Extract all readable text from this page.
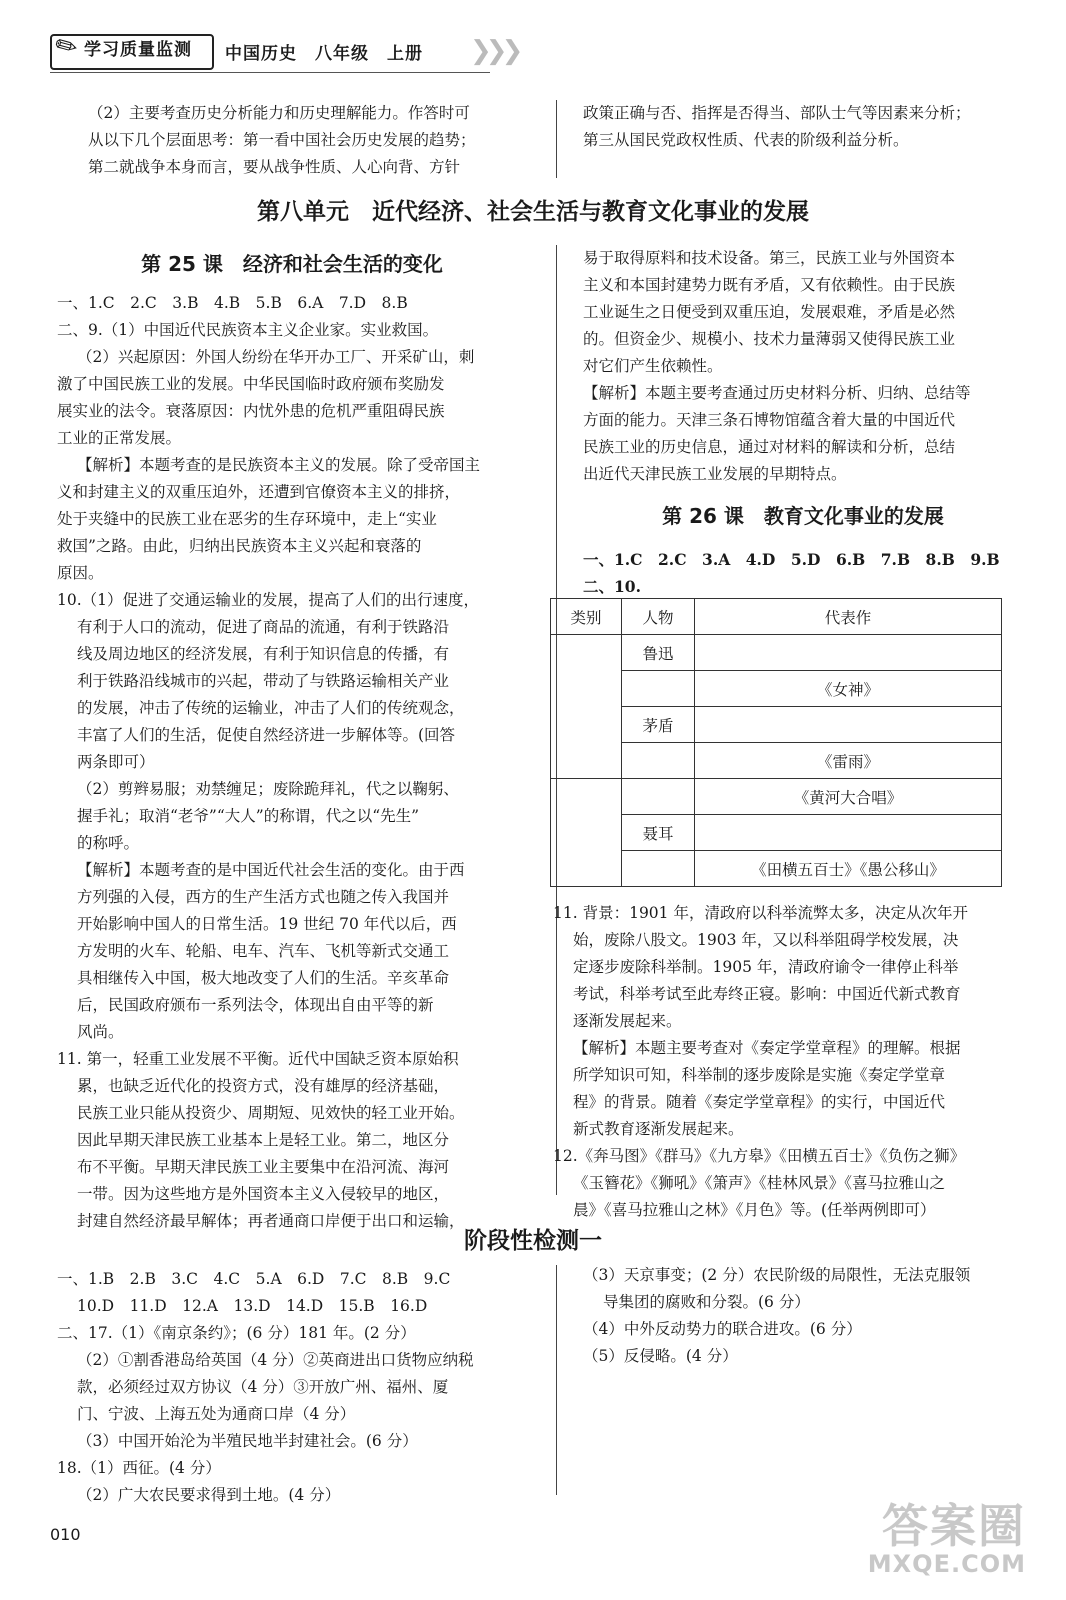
✎ 学习质量监测 中国历史　八年级　上册 ❯❯❯

（2）主要考查历史分析能力和历史理解能力。作答时可

从以下几个层面思考：第一看中国社会历史发展的趋势；

第二就战争本身而言，要从战争性质、人心向背、方针

政策正确与否、指挥是否得当、部队士气等因素来分析；

第三从国民党政权性质、代表的阶级利益分析。

第八单元　近代经济、社会生活与教育文化事业的发展
第 25 课　经济和社会生活的变化

一、1.C　2.C　3.B　4.B　5.B　6.A　7.D　8.B

二、9.（1）中国近代民族资本主义企业家。实业救国。

（2）兴起原因：外国人纷纷在华开办工厂、开采矿山，刺

激了中国民族工业的发展。中华民国临时政府颁布奖励发

展实业的法令。衰落原因：内忧外患的危机严重阻碍民族

工业的正常发展。

【解析】本题考查的是民族资本主义的发展。除了受帝国主

义和封建主义的双重压迫外，还遭到官僚资本主义的排挤，

处于夹缝中的民族工业在恶劣的生存环境中，走上“实业

救国”之路。由此，归纳出民族资本主义兴起和衰落的

原因。

10.（1）促进了交通运输业的发展，提高了人们的出行速度，

有利于人口的流动，促进了商品的流通，有利于铁路沿

线及周边地区的经济发展，有利于知识信息的传播，有

利于铁路沿线城市的兴起，带动了与铁路运输相关产业

的发展，冲击了传统的运输业，冲击了人们的传统观念，

丰富了人们的生活，促使自然经济进一步解体等。(回答

两条即可）

（2）剪辫易服；劝禁缠足；废除跪拜礼，代之以鞠躬、

握手礼；取消“老爷”“大人”的称谓，代之以“先生”

的称呼。

【解析】本题考查的是中国近代社会生活的变化。由于西

方列强的入侵，西方的生产生活方式也随之传入我国并

开始影响中国人的日常生活。19 世纪 70 年代以后，西

方发明的火车、轮船、电车、汽车、飞机等新式交通工

具相继传入中国，极大地改变了人们的生活。辛亥革命

后，民国政府颁布一系列法令，体现出自由平等的新

风尚。

11. 第一，轻重工业发展不平衡。近代中国缺乏资本原始积

累，也缺乏近代化的投资方式，没有雄厚的经济基础，

民族工业只能从投资少、周期短、见效快的轻工业开始。

因此早期天津民族工业基本上是轻工业。第二，地区分

布不平衡。早期天津民族工业主要集中在沿河流、海河

一带。因为这些地方是外国资本主义入侵较早的地区，

封建自然经济最早解体；再者通商口岸便于出口和运输，

易于取得原料和技术设备。第三，民族工业与外国资本

主义和本国封建势力既有矛盾，又有依赖性。由于民族

工业诞生之日便受到双重压迫，发展艰难，矛盾是必然

的。但资金少、规模小、技术力量薄弱又使得民族工业

对它们产生依赖性。

【解析】本题主要考查通过历史材料分析、归纳、总结等

方面的能力。天津三条石博物馆蕴含着大量的中国近代

民族工业的历史信息，通过对材料的解读和分析，总结

出近代天津民族工业发展的早期特点。

第 26 课　教育文化事业的发展

一、1.C　2.C　3.A　4.D　5.D　6.B　7.B　8.B　9.B

二、10.

类别	人物	代表作
	鲁迅	
		《女神》
	茅盾	
		《雷雨》
		《黄河大合唱》
	聂耳	
		《田横五百士》《愚公移山》

11. 背景：1901 年，清政府以科举流弊太多，决定从次年开

始，废除八股文。1903 年，又以科举阻碍学校发展，决

定逐步废除科举制。1905 年，清政府谕令一律停止科举

考试，科举考试至此寿终正寝。影响：中国近代新式教育

逐渐发展起来。

【解析】本题主要考查对《奏定学堂章程》的理解。根据

所学知识可知，科举制的逐步废除是实施《奏定学堂章

程》的背景。随着《奏定学堂章程》的实行，中国近代

新式教育逐渐发展起来。

12.《奔马图》《群马》《九方皋》《田横五百士》《负伤之狮》

《玉簪花》《狮吼》《箫声》《桂林风景》《喜马拉雅山之

晨》《喜马拉雅山之林》《月色》等。(任举两例即可）

阶段性检测一

一、1.B　2.B　3.C　4.C　5.A　6.D　7.C　8.B　9.C

10.D　11.D　12.A　13.D　14.D　15.B　16.D

二、17.（1）《南京条约》；(6 分）181 年。(2 分）

（2）①割香港岛给英国（4 分）②英商进出口货物应纳税

款，必须经过双方协议（4 分）③开放广州、福州、厦

门、宁波、上海五处为通商口岸（4 分）

（3）中国开始沦为半殖民地半封建社会。(6 分）

18.（1）西征。(4 分）

（2）广大农民要求得到土地。(4 分）

（3）天京事变；(2 分）农民阶级的局限性，无法克服领

导集团的腐败和分裂。(6 分）

（4）中外反动势力的联合进攻。(6 分）

（5）反侵略。(4 分）

010	答案圈
MXQE.COM
